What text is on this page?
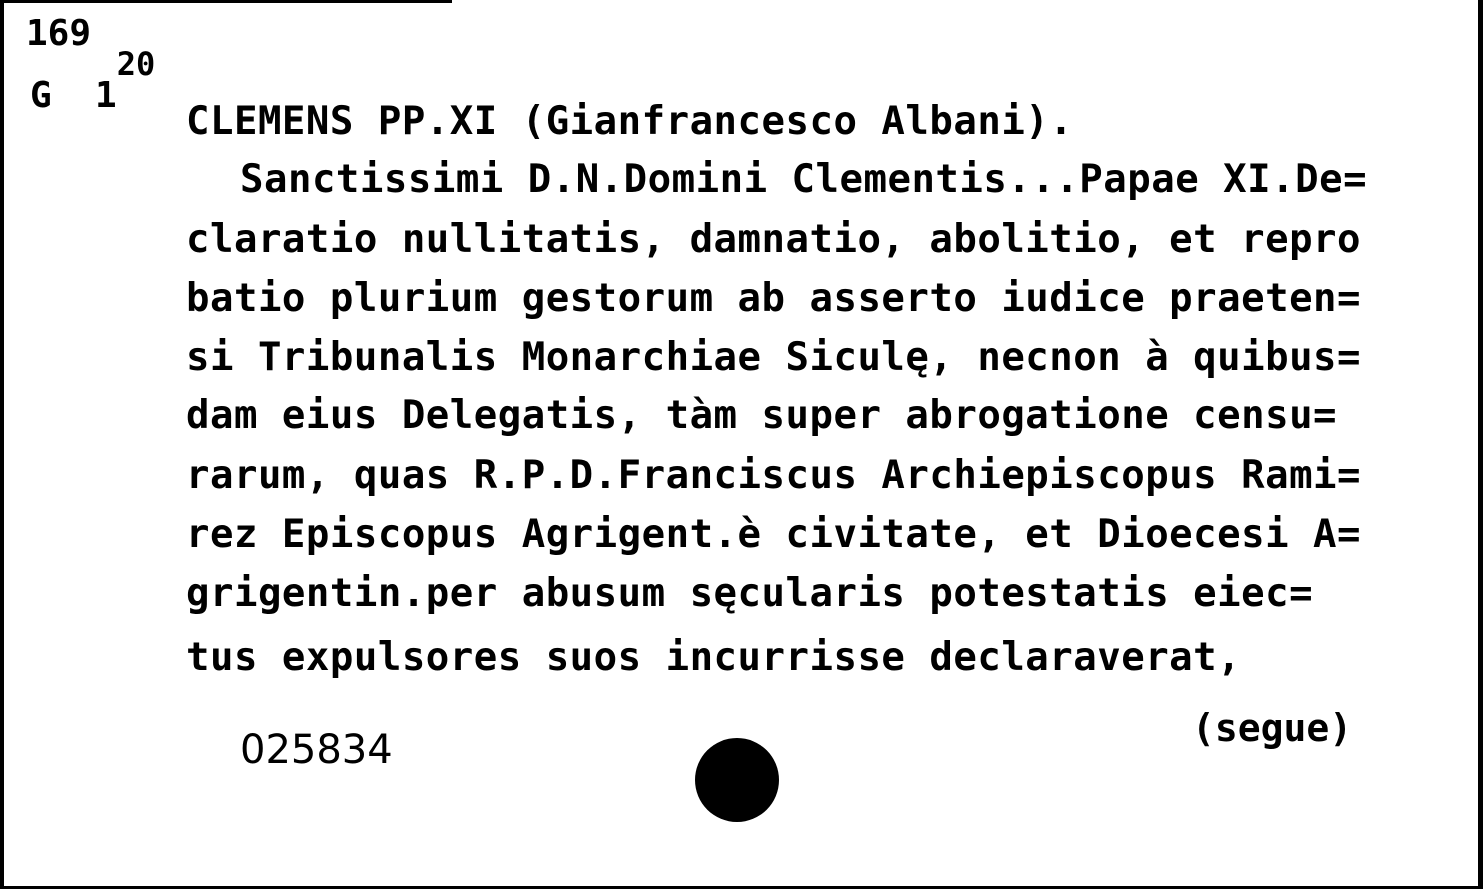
169
G 120
CLEMENS PP.XI (Gianfrancesco Albani).
Sanctissimi D.N.Domini Clementis...Papae XI.De=
claratio nullitatis, damnatio, abolitio, et repro
batio plurium gestorum ab asserto iudice praeten=
si Tribunalis Monarchiae Siculę, necnon à quibus=
dam eius Delegatis, tàm super abrogatione censu=
rarum, quas R.P.D.Franciscus Archiepiscopus Rami=
rez Episcopus Agrigent.è civitate, et Dioecesi A=
grigentin.per abusum sęcularis potestatis eiec=
tus expulsores suos incurrisse declaraverat,
(segue)
025834
